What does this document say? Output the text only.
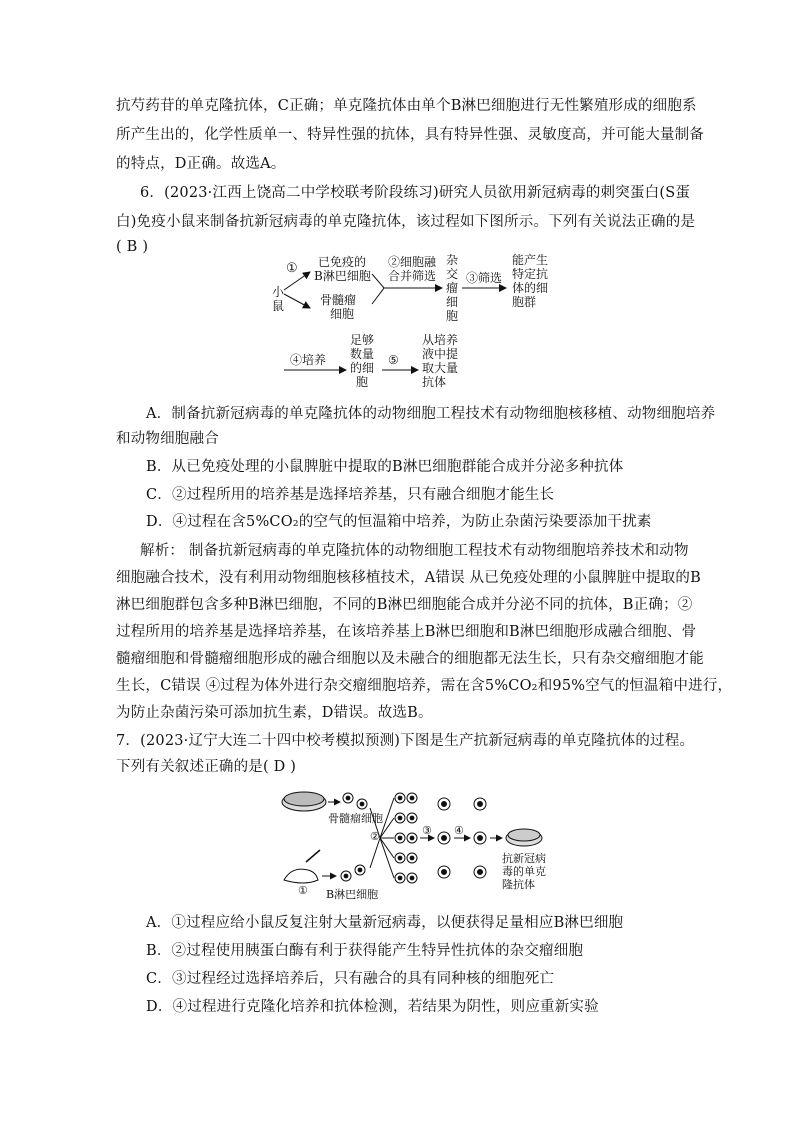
抗芍药苷的单克隆抗体，C正确；单克隆抗体由单个B淋巴细胞进行无性繁殖形成的细胞系
所产生出的，化学性质单一、特异性强的抗体，具有特异性强、灵敏度高，并可能大量制备
的特点，D正确。故选A。
6．(2023·江西上饶高二中学校联考阶段练习)研究人员欲用新冠病毒的刺突蛋白(S蛋
白)免疫小鼠来制备抗新冠病毒的单克隆抗体，该过程如下图所示。下列有关说法正确的是
( B )
小
鼠
① 已免疫的
B淋巴细胞
骨髓瘤
细胞
②细胞融
合并筛选
杂
交
瘤
细
胞
③筛选
能产生
特定抗
体的细
胞群
④培养
足够
数量
的细
胞
⑤
从培养
液中提
取大量
抗体
A．制备抗新冠病毒的单克隆抗体的动物细胞工程技术有动物细胞核移植、动物细胞培养
和动物细胞融合
B．从已免疫处理的小鼠脾脏中提取的B淋巴细胞群能合成并分泌多种抗体
C．②过程所用的培养基是选择培养基，只有融合细胞才能生长
D．④过程在含5%CO₂的空气的恒温箱中培养，为防止杂菌污染要添加干扰素
解析： 制备抗新冠病毒的单克隆抗体的动物细胞工程技术有动物细胞培养技术和动物
细胞融合技术，没有利用动物细胞核移植技术，A错误 从已免疫处理的小鼠脾脏中提取的B
淋巴细胞群包含多种B淋巴细胞，不同的B淋巴细胞能合成并分泌不同的抗体，B正确；②
过程所用的培养基是选择培养基，在该培养基上B淋巴细胞和B淋巴细胞形成融合细胞、骨
髓瘤细胞和骨髓瘤细胞形成的融合细胞以及未融合的细胞都无法生长，只有杂交瘤细胞才能
生长，C错误 ④过程为体外进行杂交瘤细胞培养，需在含5%CO₂和95%空气的恒温箱中进行，
为防止杂菌污染可添加抗生素，D错误。故选B。
7．(2023·辽宁大连二十四中校考模拟预测)下图是生产抗新冠病毒的单克隆抗体的过程。
下列有关叙述正确的是( D )
骨髓瘤细胞
① B淋巴细胞
②	③ ④
抗新冠病
毒的单克
隆抗体
A．①过程应给小鼠反复注射大量新冠病毒，以便获得足量相应B淋巴细胞
B．②过程使用胰蛋白酶有利于获得能产生特异性抗体的杂交瘤细胞
C．③过程经过选择培养后，只有融合的具有同种核的细胞死亡
D．④过程进行克隆化培养和抗体检测，若结果为阴性，则应重新实验
